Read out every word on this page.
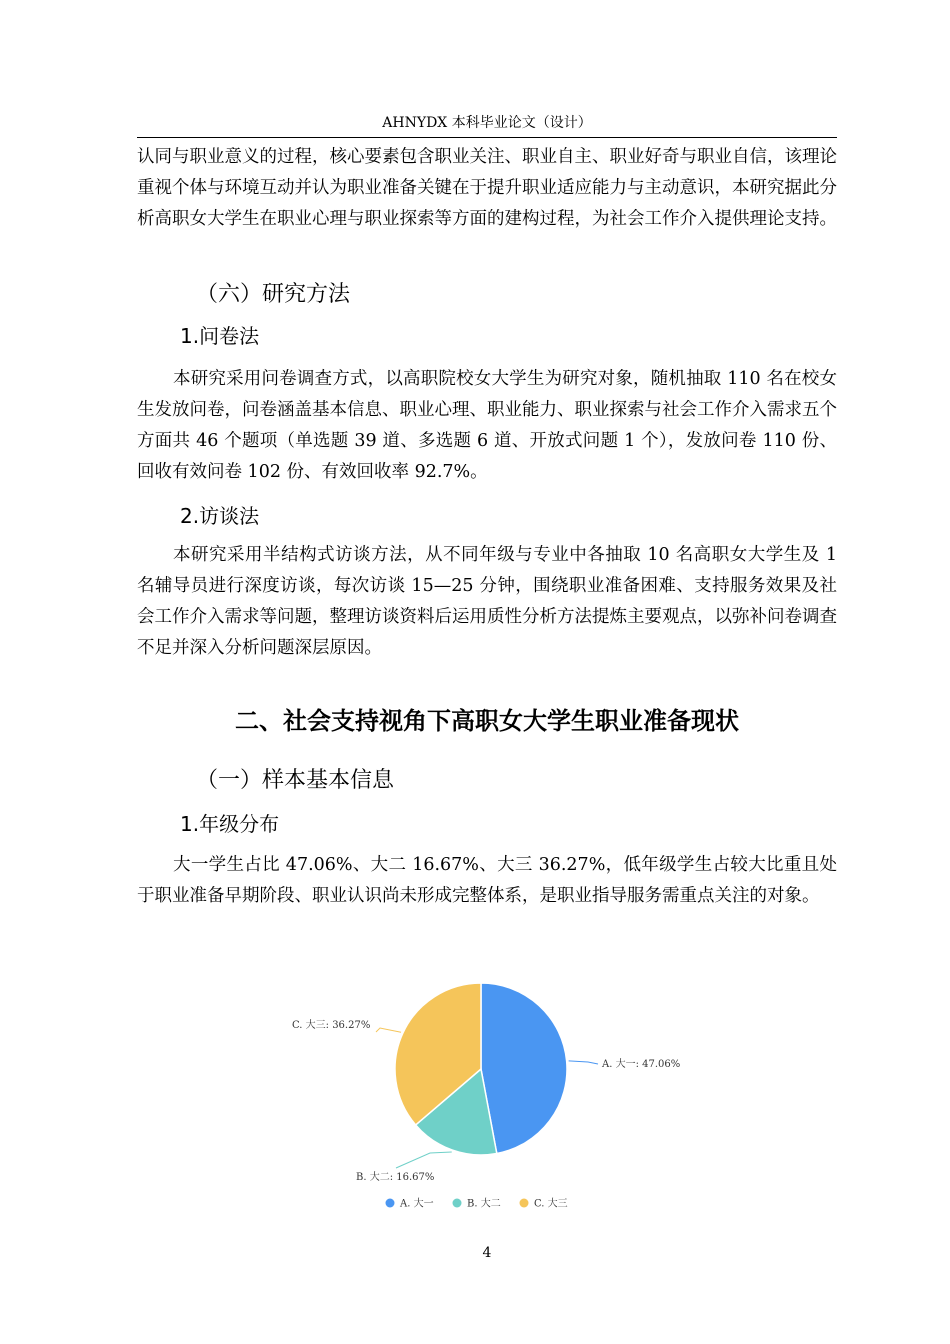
AHNYDX 本科毕业论文（设计）

认同与职业意义的过程，核心要素包含职业关注、职业自主、职业好奇与职业自信，该理论重视个体与环境互动并认为职业准备关键在于提升职业适应能力与主动意识，本研究据此分析高职女大学生在职业心理与职业探索等方面的建构过程，为社会工作介入提供理论支持。

（六）研究方法

1.问卷法

本研究采用问卷调查方式，以高职院校女大学生为研究对象，随机抽取 110 名在校女生发放问卷，问卷涵盖基本信息、职业心理、职业能力、职业探索与社会工作介入需求五个方面共 46 个题项（单选题 39 道、多选题 6 道、开放式问题 1 个），发放问卷 110 份、回收有效问卷 102 份、有效回收率 92.7%。

2.访谈法

本研究采用半结构式访谈方法，从不同年级与专业中各抽取 10 名高职女大学生及 1 名辅导员进行深度访谈，每次访谈 15—25 分钟，围绕职业准备困难、支持服务效果及社会工作介入需求等问题，整理访谈资料后运用质性分析方法提炼主要观点，以弥补问卷调查不足并深入分析问题深层原因。

二、社会支持视角下高职女大学生职业准备现状

（一）样本基本信息

1.年级分布

大一学生占比 47.06%、大二 16.67%、大三 36.27%，低年级学生占较大比重且处于职业准备早期阶段、职业认识尚未形成完整体系，是职业指导服务需重点关注的对象。

A. 大一: 47.06%
B. 大二: 16.67%
C. 大三: 36.27%
A. 大一	B. 大二	C. 大三
4
